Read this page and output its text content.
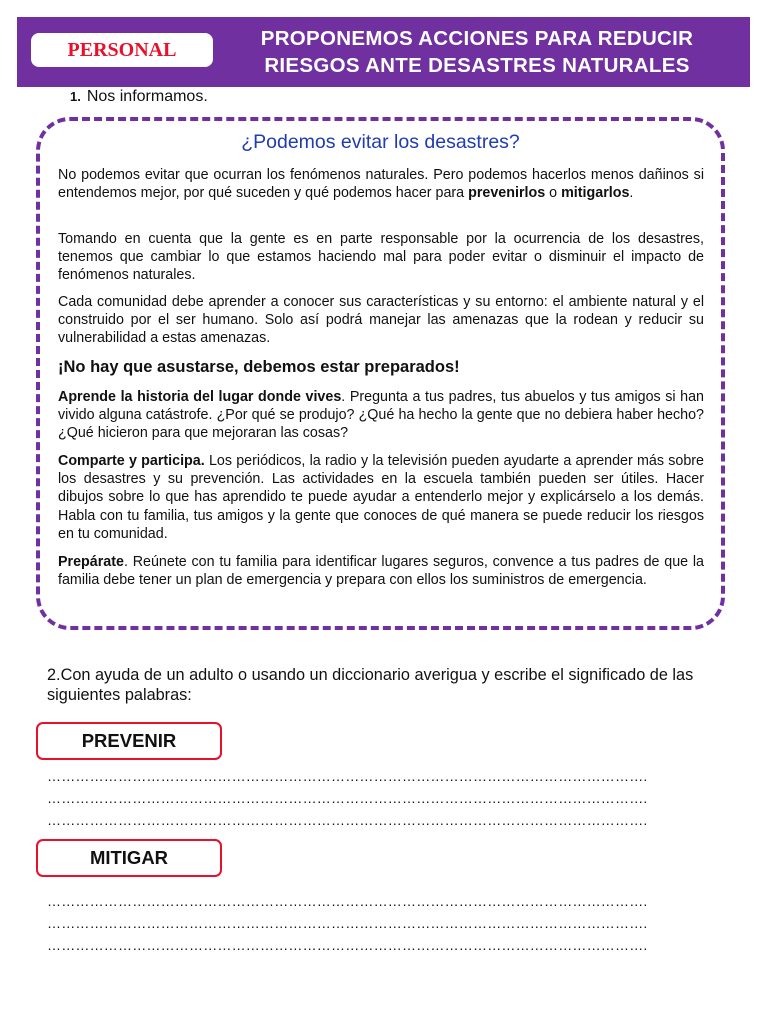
PERSONAL	PROPONEMOS ACCIONES PARA REDUCIR
RIESGOS ANTE DESASTRES NATURALES
1. Nos informamos.
¿Podemos evitar los desastres?

No podemos evitar que ocurran los fenómenos naturales. Pero podemos hacerlos menos dañinos si entendemos mejor, por qué suceden y qué podemos hacer para prevenirlos o mitigarlos.

Tomando en cuenta que la gente es en parte responsable por la ocurrencia de los desastres, tenemos que cambiar lo que estamos haciendo mal para poder evitar o disminuir el impacto de fenómenos naturales.

Cada comunidad debe aprender a conocer sus características y su entorno: el ambiente natural y el construido por el ser humano. Solo así podrá manejar las amenazas que la rodean y reducir su vulnerabilidad a estas amenazas.

¡No hay que asustarse, debemos estar preparados!

Aprende la historia del lugar donde vives. Pregunta a tus padres, tus abuelos y tus amigos si han vivido alguna catástrofe. ¿Por qué se produjo? ¿Qué ha hecho la gente que no debiera haber hecho? ¿Qué hicieron para que mejoraran las cosas?

Comparte y participa. Los periódicos, la radio y la televisión pueden ayudarte a aprender más sobre los desastres y su prevención. Las actividades en la escuela también pueden ser útiles. Hacer dibujos sobre lo que has aprendido te puede ayudar a entenderlo mejor y explicárselo a los demás. Habla con tu familia, tus amigos y la gente que conoces de qué manera se puede reducir los riesgos en tu comunidad.

Prepárate. Reúnete con tu familia para identificar lugares seguros, convence a tus padres de que la familia debe tener un plan de emergencia y prepara con ellos los suministros de emergencia.

2.Con ayuda de un adulto o usando un diccionario averigua y escribe el significado de las siguientes palabras:
PREVENIR
……………………………………………………………………………………………………………….
……………………………………………………………………………………………………………….
……………………………………………………………………………………………………………….
MITIGAR
……………………………………………………………………………………………………………….
……………………………………………………………………………………………………………….
……………………………………………………………………………………………………………….
